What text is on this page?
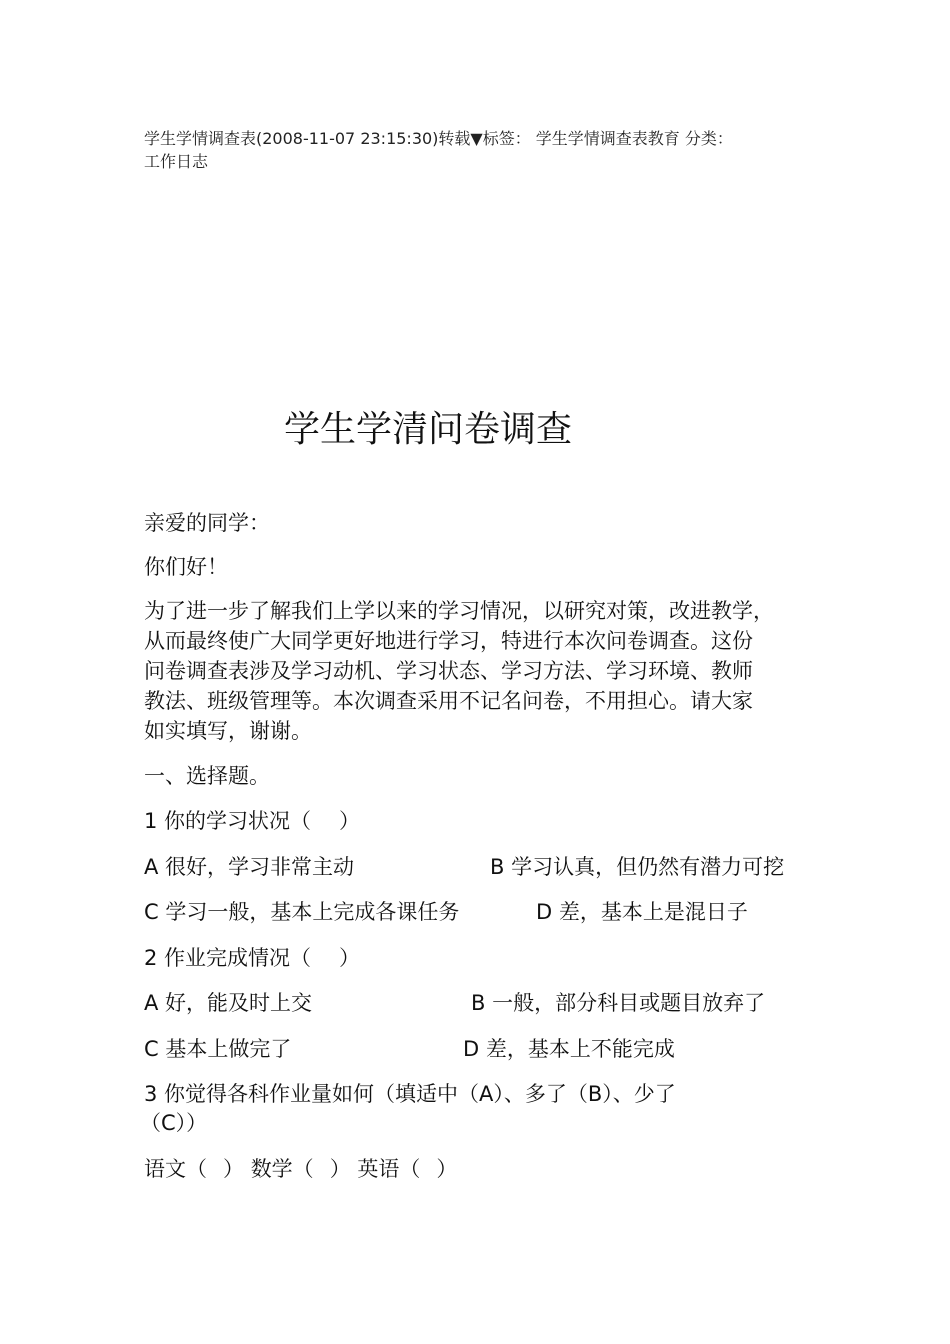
学生学情调查表(2008-11-07 23:15:30)转载▼标签： 学生学情调查表教育 分类：
工作日志
学生学清问卷调查
亲爱的同学：
你们好！
为了进一步了解我们上学以来的学习情况，以研究对策，改进教学，
从而最终使广大同学更好地进行学习，特进行本次问卷调查。这份
问卷调查表涉及学习动机、学习状态、学习方法、学习环境、教师
教法、班级管理等。本次调查采用不记名问卷，不用担心。请大家
如实填写，谢谢。
一、选择题。
1 你的学习状况（ ）
A 很好，学习非常主动	B 学习认真，但仍然有潜力可挖
C 学习一般，基本上完成各课任务	D 差，基本上是混日子
2 作业完成情况（ ）
A 好，能及时上交	B 一般，部分科目或题目放弃了
C 基本上做完了	D 差，基本上不能完成
3 你觉得各科作业量如何（填适中（A）、多了（B）、少了
（C））
语文（ ） 数学（ ） 英语（ ）
